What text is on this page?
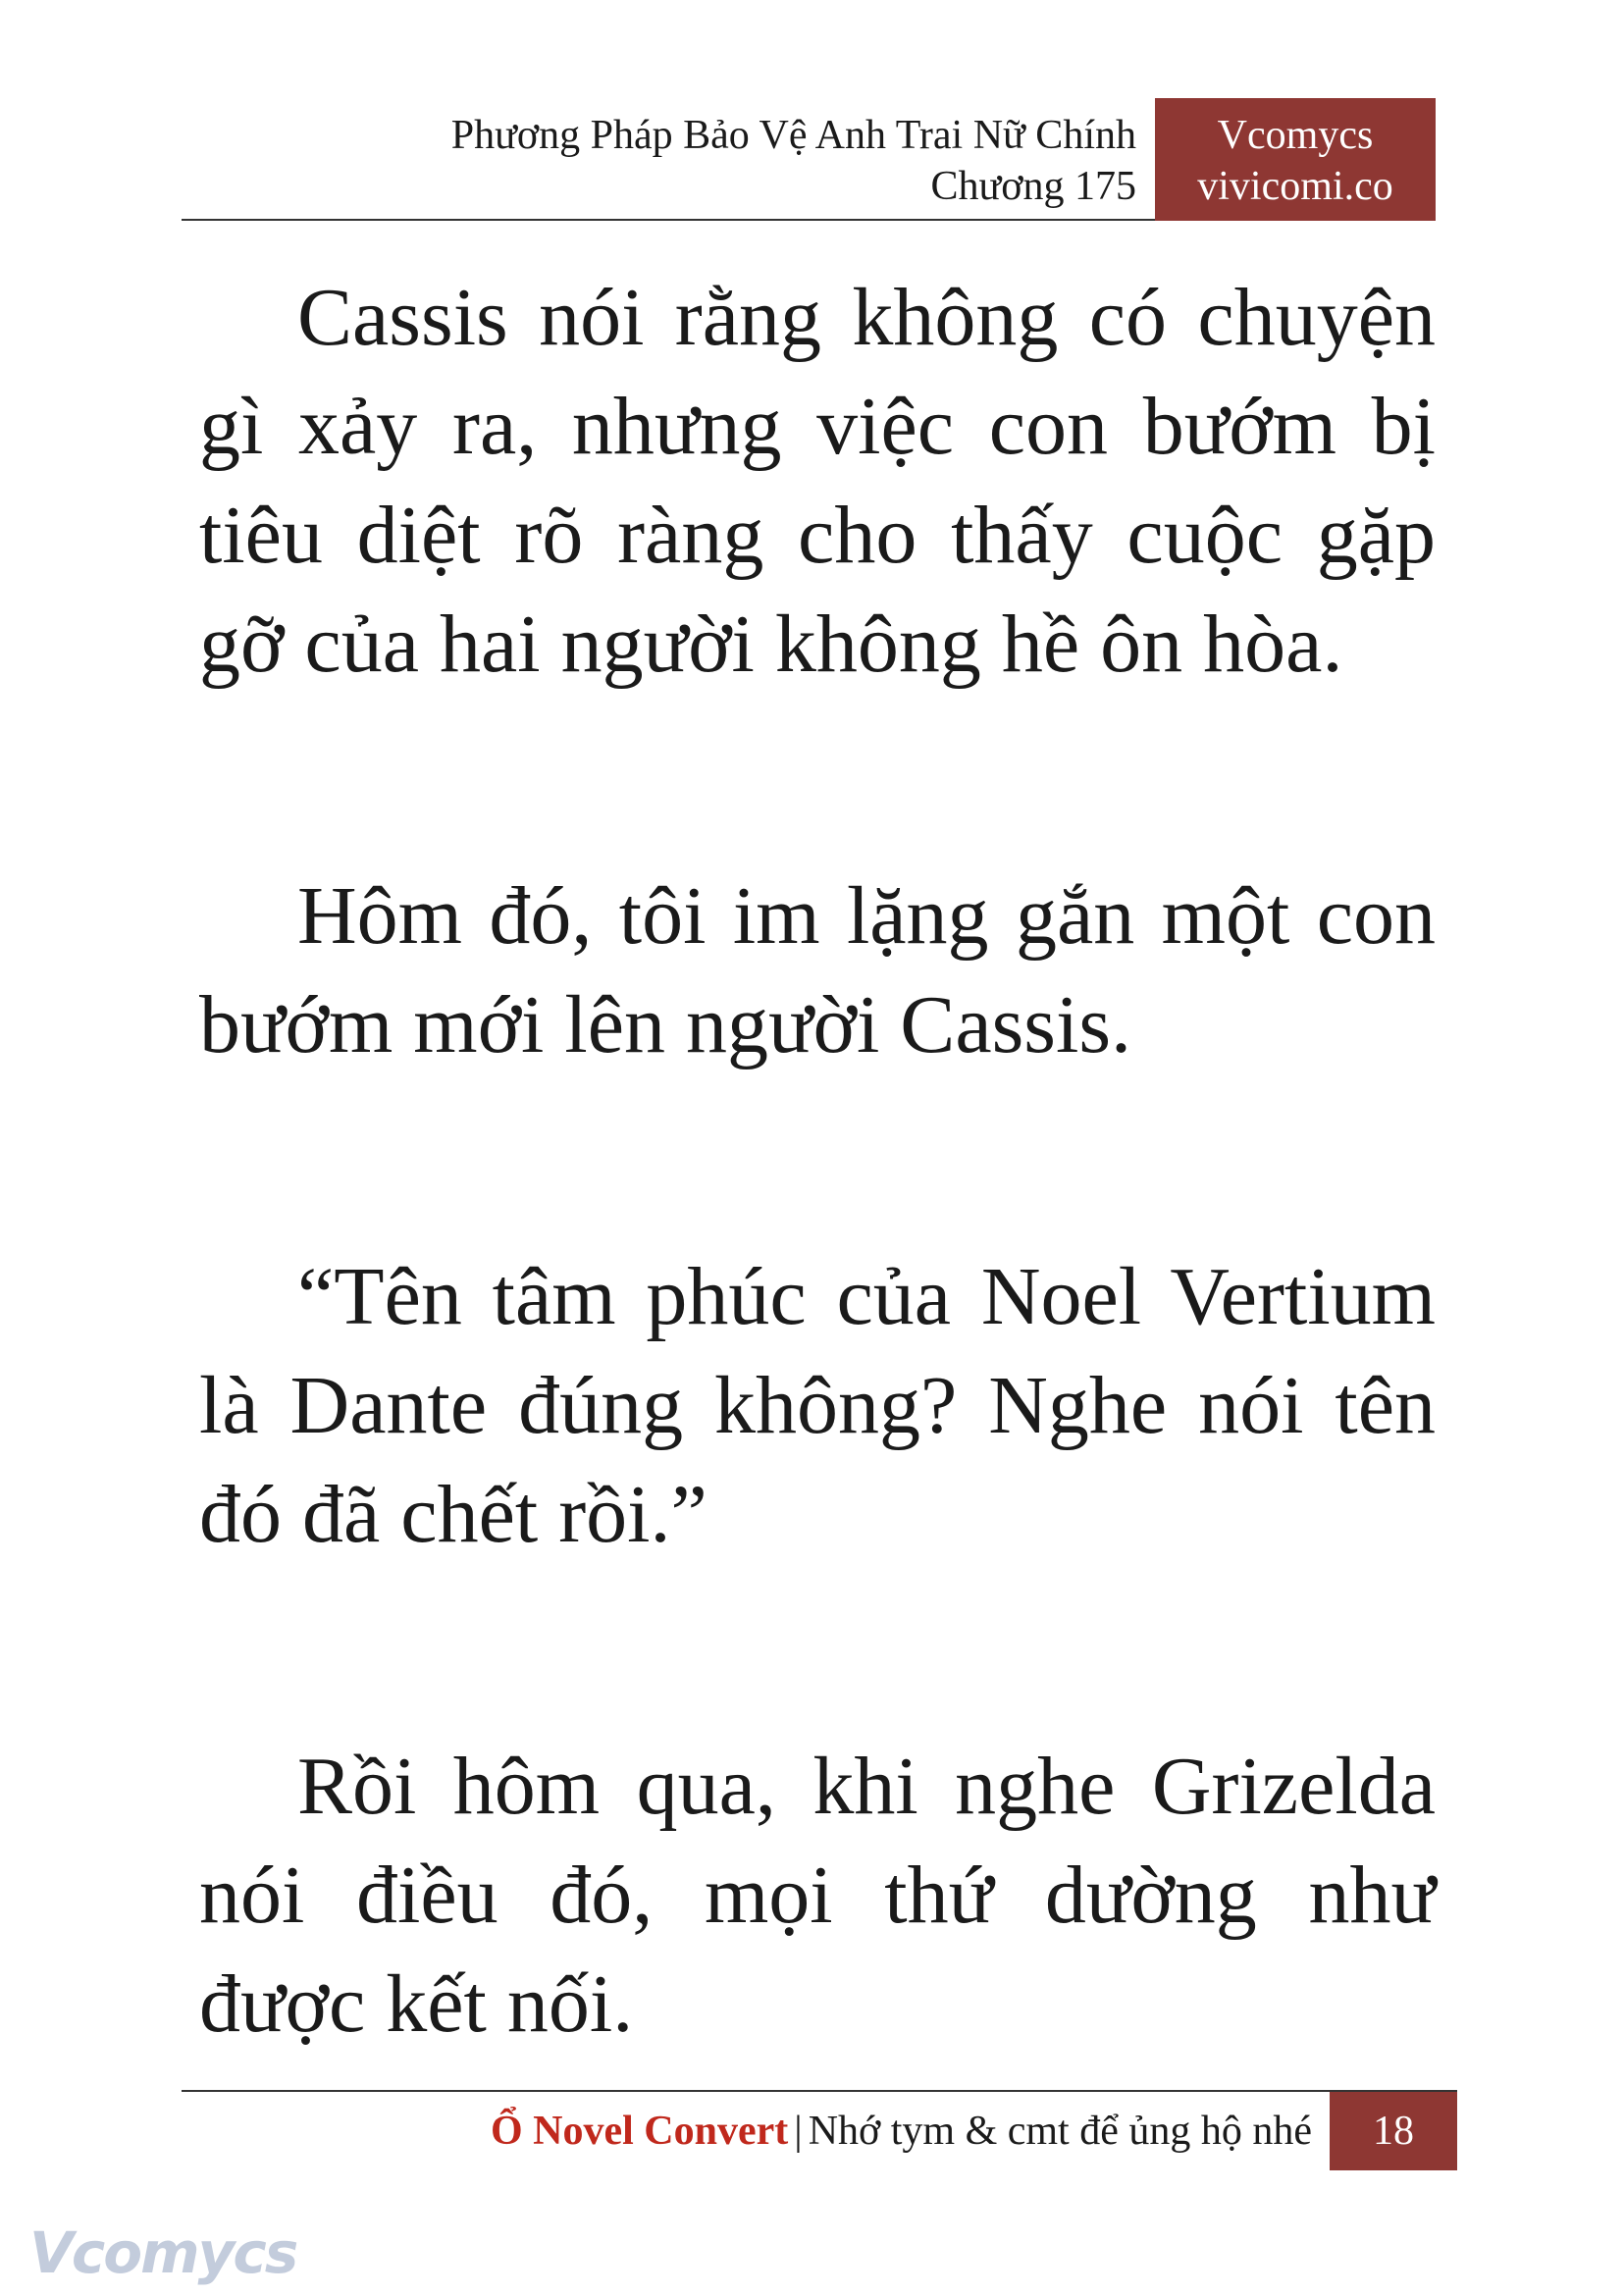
Phương Pháp Bảo Vệ Anh Trai Nữ Chính
Chương 175
Vcomycs
vivicomi.co

Cassis nói rằng không có chuyện gì xảy ra, nhưng việc con bướm bị tiêu diệt rõ ràng cho thấy cuộc gặp gỡ của hai người không hề ôn hòa.

Hôm đó, tôi im lặng gắn một con bướm mới lên người Cassis.

“Tên tâm phúc của Noel Vertium là Dante đúng không? Nghe nói tên đó đã chết rồi.”

Rồi hôm qua, khi nghe Grizelda nói điều đó, mọi thứ dường như được kết nối.

Ổ Novel Convert | Nhớ tym & cmt để ủng hộ nhé	18
Vcomycs
